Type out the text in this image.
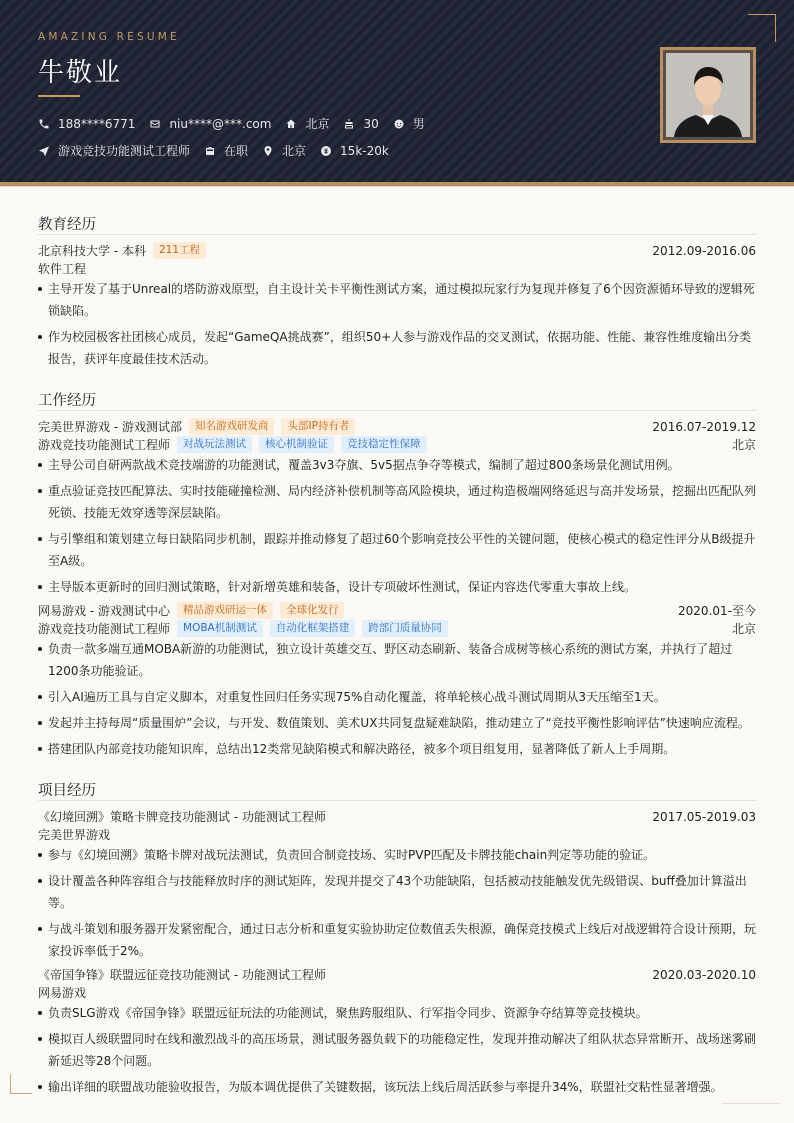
AMAZING RESUME
牛敬业
188****6771	niu****@***.com	北京	30	男
游戏竞技功能测试工程师	在职	北京	15k-20k
教育经历
北京科技大学 - 本科	211工程	2012.09-2016.06
软件工程
主导开发了基于Unreal的塔防游戏原型，自主设计关卡平衡性测试方案，通过模拟玩家行为复现并修复了6个因资源循环导致的逻辑死锁缺陷。
作为校园极客社团核心成员，发起“GameQA挑战赛”，组织50+人参与游戏作品的交叉测试，依据功能、性能、兼容性维度输出分类报告，获评年度最佳技术活动。
工作经历
完美世界游戏 - 游戏测试部	知名游戏研发商	头部IP持有者	2016.07-2019.12
游戏竞技功能测试工程师	对战玩法测试	核心机制验证	竞技稳定性保障	北京
主导公司自研两款战术竞技端游的功能测试，覆盖3v3夺旗、5v5据点争夺等模式，编制了超过800条场景化测试用例。
重点验证竞技匹配算法、实时技能碰撞检测、局内经济补偿机制等高风险模块，通过构造极端网络延迟与高并发场景，挖掘出匹配队列死锁、技能无效穿透等深层缺陷。
与引擎组和策划建立每日缺陷同步机制，跟踪并推动修复了超过60个影响竞技公平性的关键问题，使核心模式的稳定性评分从B级提升至A级。
主导版本更新时的回归测试策略，针对新增英雄和装备，设计专项破坏性测试，保证内容迭代零重大事故上线。
网易游戏 - 游戏测试中心	精品游戏研运一体	全球化发行	2020.01-至今
游戏竞技功能测试工程师	MOBA机制测试	自动化框架搭建	跨部门质量协同	北京
负责一款多端互通MOBA新游的功能测试，独立设计英雄交互、野区动态刷新、装备合成树等核心系统的测试方案，并执行了超过1200条功能验证。
引入AI遍历工具与自定义脚本，对重复性回归任务实现75%自动化覆盖，将单轮核心战斗测试周期从3天压缩至1天。
发起并主持每周“质量围炉”会议，与开发、数值策划、美术UX共同复盘疑难缺陷，推动建立了“竞技平衡性影响评估”快速响应流程。
搭建团队内部竞技功能知识库，总结出12类常见缺陷模式和解决路径，被多个项目组复用，显著降低了新人上手周期。
项目经历
《幻境回溯》策略卡牌竞技功能测试 - 功能测试工程师	2017.05-2019.03
完美世界游戏
参与《幻境回溯》策略卡牌对战玩法测试，负责回合制竞技场、实时PVP匹配及卡牌技能chain判定等功能的验证。
设计覆盖各种阵容组合与技能释放时序的测试矩阵，发现并提交了43个功能缺陷，包括被动技能触发优先级错误、buff叠加计算溢出等。
与战斗策划和服务器开发紧密配合，通过日志分析和重复实验协助定位数值丢失根源，确保竞技模式上线后对战逻辑符合设计预期，玩家投诉率低于2%。
《帝国争锋》联盟远征竞技功能测试 - 功能测试工程师	2020.03-2020.10
网易游戏
负责SLG游戏《帝国争锋》联盟远征玩法的功能测试，聚焦跨服组队、行军指令同步、资源争夺结算等竞技模块。
模拟百人级联盟同时在线和激烈战斗的高压场景，测试服务器负载下的功能稳定性，发现并推动解决了组队状态异常断开、战场迷雾刷新延迟等28个问题。
输出详细的联盟战功能验收报告，为版本调优提供了关键数据，该玩法上线后周活跃参与率提升34%，联盟社交粘性显著增强。
